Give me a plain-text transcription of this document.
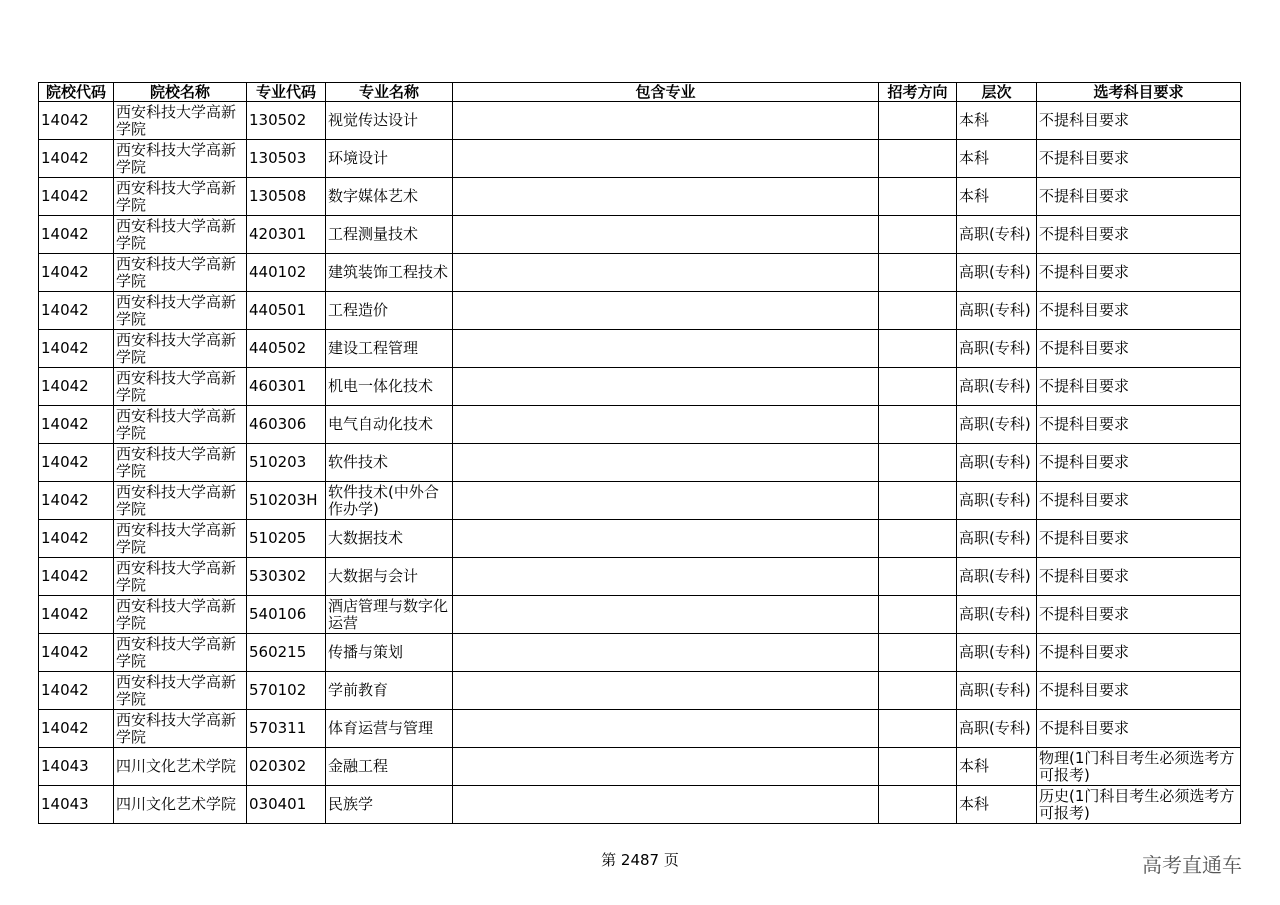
院校代码	院校名称	专业代码	专业名称	包含专业	招考方向	层次	选考科目要求
14042	西安科技大学高新学院	130502	视觉传达设计			本科	不提科目要求
14042	西安科技大学高新学院	130503	环境设计			本科	不提科目要求
14042	西安科技大学高新学院	130508	数字媒体艺术			本科	不提科目要求
14042	西安科技大学高新学院	420301	工程测量技术			高职(专科)	不提科目要求
14042	西安科技大学高新学院	440102	建筑装饰工程技术			高职(专科)	不提科目要求
14042	西安科技大学高新学院	440501	工程造价			高职(专科)	不提科目要求
14042	西安科技大学高新学院	440502	建设工程管理			高职(专科)	不提科目要求
14042	西安科技大学高新学院	460301	机电一体化技术			高职(专科)	不提科目要求
14042	西安科技大学高新学院	460306	电气自动化技术			高职(专科)	不提科目要求
14042	西安科技大学高新学院	510203	软件技术			高职(专科)	不提科目要求
14042	西安科技大学高新学院	510203H	软件技术(中外合作办学)			高职(专科)	不提科目要求
14042	西安科技大学高新学院	510205	大数据技术			高职(专科)	不提科目要求
14042	西安科技大学高新学院	530302	大数据与会计			高职(专科)	不提科目要求
14042	西安科技大学高新学院	540106	酒店管理与数字化运营			高职(专科)	不提科目要求
14042	西安科技大学高新学院	560215	传播与策划			高职(专科)	不提科目要求
14042	西安科技大学高新学院	570102	学前教育			高职(专科)	不提科目要求
14042	西安科技大学高新学院	570311	体育运营与管理			高职(专科)	不提科目要求
14043	四川文化艺术学院	020302	金融工程			本科	物理(1门科目考生必须选考方可报考)
14043	四川文化艺术学院	030401	民族学			本科	历史(1门科目考生必须选考方可报考)
第 2487 页	高考直通车
